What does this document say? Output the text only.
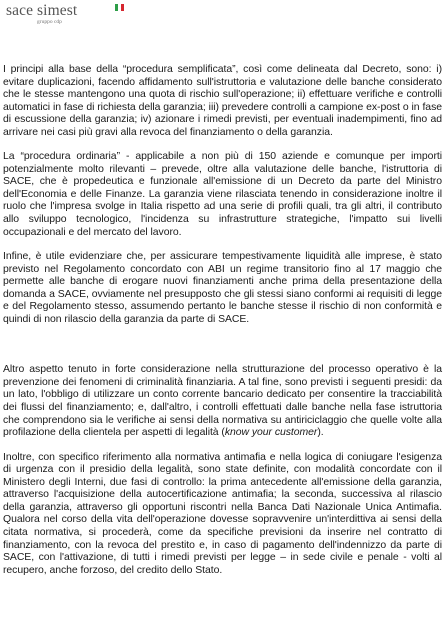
sace simest
gruppo cdp

I principi alla base della “procedura semplificata”, così come delineata dal Decreto, sono: i) evitare duplicazioni, facendo affidamento sull'istruttoria e valutazione delle banche considerato che le stesse mantengono una quota di rischio sull'operazione; ii) effettuare verifiche e controlli automatici in fase di richiesta della garanzia; iii) prevedere controlli a campione ex-post o in fase di escussione della garanzia; iv) azionare i rimedi previsti, per eventuali inadempimenti, fino ad arrivare nei casi più gravi alla revoca del finanziamento o della garanzia.

La “procedura ordinaria” - applicabile a non più di 150 aziende e comunque per importi potenzialmente molto rilevanti – prevede, oltre alla valutazione delle banche, l'istruttoria di SACE, che è propedeutica e funzionale all'emissione di un Decreto da parte del Ministro dell'Economia e delle Finanze. La garanzia viene rilasciata tenendo in considerazione inoltre il ruolo che l'impresa svolge in Italia rispetto ad una serie di profili quali, tra gli altri, il contributo allo sviluppo tecnologico, l'incidenza su infrastrutture strategiche, l'impatto sui livelli occupazionali e del mercato del lavoro.

Infine, è utile evidenziare che, per assicurare tempestivamente liquidità alle imprese, è stato previsto nel Regolamento concordato con ABI un regime transitorio fino al 17 maggio che permette alle banche di erogare nuovi finanziamenti anche prima della presentazione della domanda a SACE, ovviamente nel presupposto che gli stessi siano conformi ai requisiti di legge e del Regolamento stesso, assumendo pertanto le banche stesse il rischio di non conformità e quindi di non rilascio della garanzia da parte di SACE.

Altro aspetto tenuto in forte considerazione nella strutturazione del processo operativo è la prevenzione dei fenomeni di criminalità finanziaria. A tal fine, sono previsti i seguenti presidi: da un lato, l'obbligo di utilizzare un conto corrente bancario dedicato per consentire la tracciabilità dei flussi del finanziamento; e, dall'altro, i controlli effettuati dalle banche nella fase istruttoria che comprendono sia le verifiche ai sensi della normativa su antiriciclaggio che quelle volte alla profilazione della clientela per aspetti di legalità (know your customer).

Inoltre, con specifico riferimento alla normativa antimafia e nella logica di coniugare l'esigenza di urgenza con il presidio della legalità, sono state definite, con modalità concordate con il Ministero degli Interni, due fasi di controllo: la prima antecedente all'emissione della garanzia, attraverso l'acquisizione della autocertificazione antimafia; la seconda, successiva al rilascio della garanzia, attraverso gli opportuni riscontri nella Banca Dati Nazionale Unica Antimafia. Qualora nel corso della vita dell'operazione dovesse sopravvenire un'interdittiva ai sensi della citata normativa, si procederà, come da specifiche previsioni da inserire nel contratto di finanziamento, con la revoca del prestito e, in caso di pagamento dell'indennizzo da parte di SACE, con l'attivazione, di tutti i rimedi previsti per legge – in sede civile e penale - volti al recupero, anche forzoso, del credito dello Stato.
